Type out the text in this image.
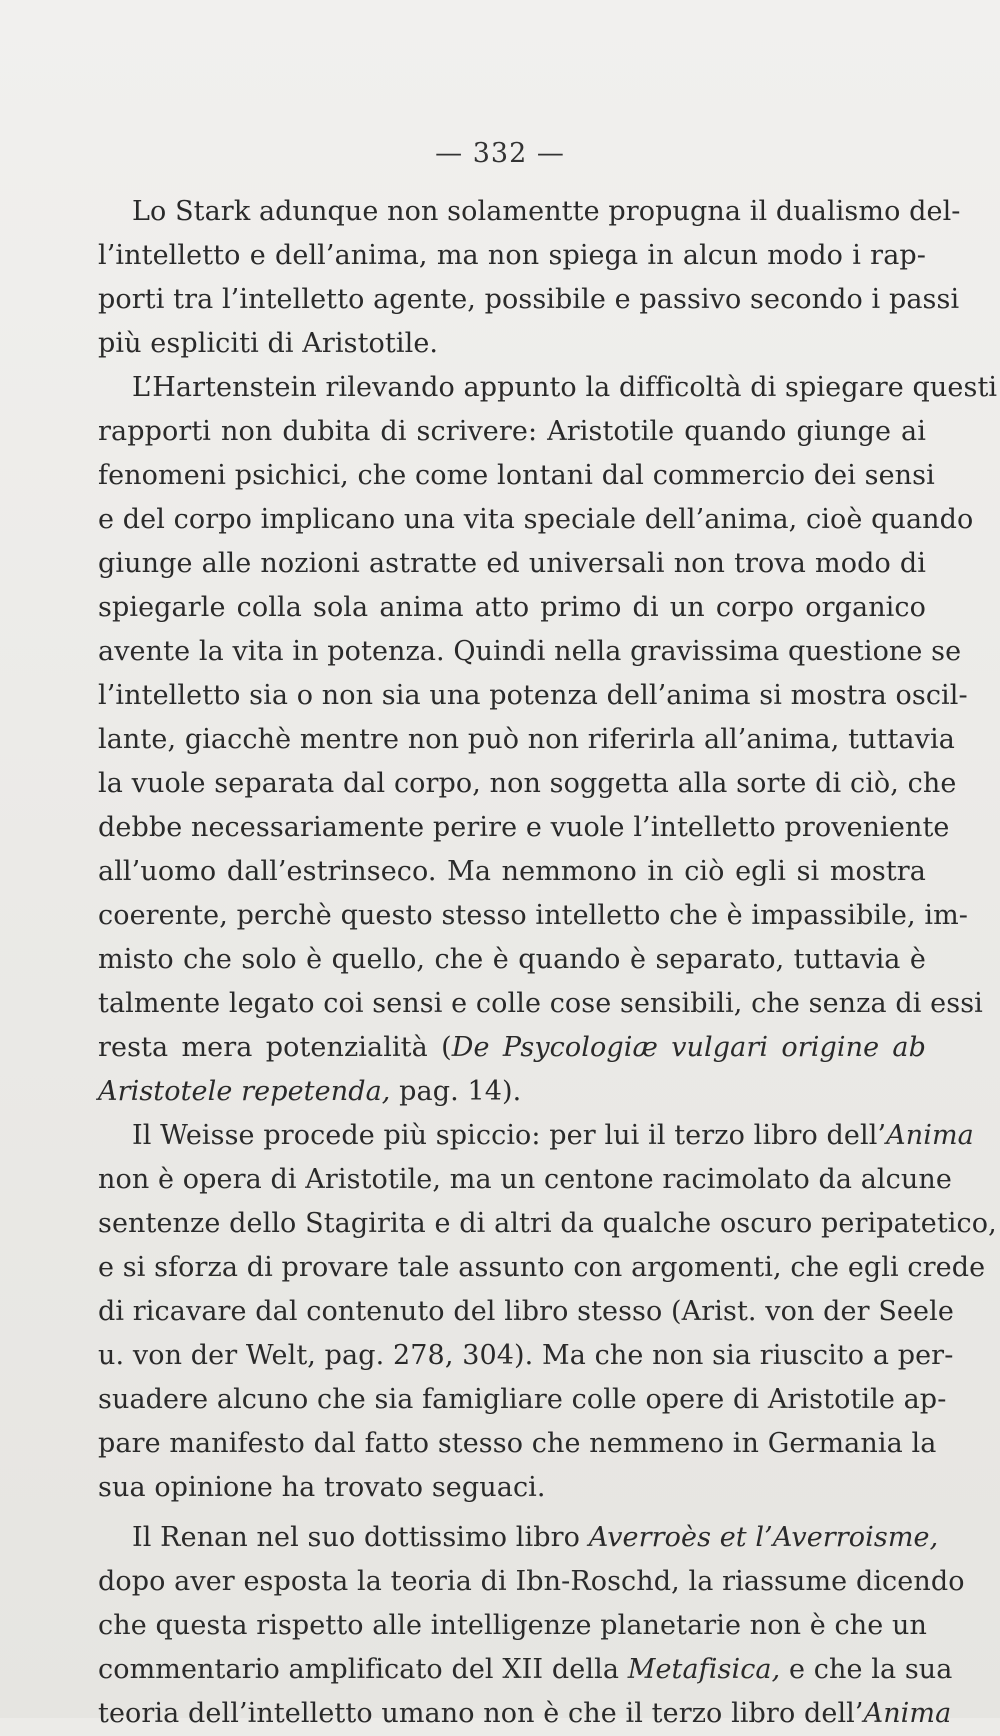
— 332 —
Lo Stark adunque non solamentte propugna il dualismo del-
l’intelletto e dell’anima, ma non spiega in alcun modo i rap-
porti tra l’intelletto agente, possibile e passivo secondo i passi
più espliciti di Aristotile.
L’Hartenstein rilevando appunto la difficoltà di spiegare questi
rapporti non dubita di scrivere: Aristotile quando giunge ai
fenomeni psichici, che come lontani dal commercio dei sensi
e del corpo implicano una vita speciale dell’anima, cioè quando
giunge alle nozioni astratte ed universali non trova modo di
spiegarle colla sola anima atto primo di un corpo organico
avente la vita in potenza. Quindi nella gravissima questione se
l’intelletto sia o non sia una potenza dell’anima si mostra oscil-
lante, giacchè mentre non può non riferirla all’anima, tuttavia
la vuole separata dal corpo, non soggetta alla sorte di ciò, che
debbe necessariamente perire e vuole l’intelletto proveniente
all’uomo dall’estrinseco. Ma nemmono in ciò egli si mostra
coerente, perchè questo stesso intelletto che è impassibile, im-
misto che solo è quello, che è quando è separato, tuttavia è
talmente legato coi sensi e colle cose sensibili, che senza di essi
resta mera potenzialità (De Psycologiæ vulgari origine ab
Aristotele repetenda, pag. 14).
Il Weisse procede più spiccio: per lui il terzo libro dell’Anima
non è opera di Aristotile, ma un centone racimolato da alcune
sentenze dello Stagirita e di altri da qualche oscuro peripatetico,
e si sforza di provare tale assunto con argomenti, che egli crede
di ricavare dal contenuto del libro stesso (Arist. von der Seele
u. von der Welt, pag. 278, 304). Ma che non sia riuscito a per-
suadere alcuno che sia famigliare colle opere di Aristotile ap-
pare manifesto dal fatto stesso che nemmeno in Germania la
sua opinione ha trovato seguaci.
Il Renan nel suo dottissimo libro Averroès et l’Averroisme,
dopo aver esposta la teoria di Ibn-Roschd, la riassume dicendo
che questa rispetto alle intelligenze planetarie non è che un
commentario amplificato del XII della Metafisica, e che la sua
teoria dell’intelletto umano non è che il terzo libro dell’Anima
